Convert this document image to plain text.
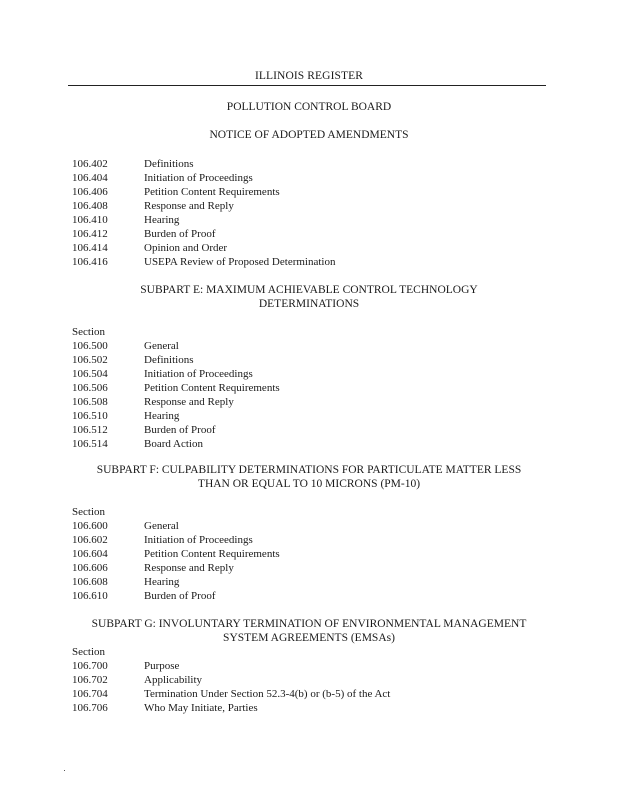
ILLINOIS REGISTER
POLLUTION CONTROL BOARD
NOTICE OF ADOPTED AMENDMENTS
106.402	Definitions
106.404	Initiation of Proceedings
106.406	Petition Content Requirements
106.408	Response and Reply
106.410	Hearing
106.412	Burden of Proof
106.414	Opinion and Order
106.416	USEPA Review of Proposed Determination
SUBPART E: MAXIMUM ACHIEVABLE CONTROL TECHNOLOGY
DETERMINATIONS
Section
106.500	General
106.502	Definitions
106.504	Initiation of Proceedings
106.506	Petition Content Requirements
106.508	Response and Reply
106.510	Hearing
106.512	Burden of Proof
106.514	Board Action
SUBPART F: CULPABILITY DETERMINATIONS FOR PARTICULATE MATTER LESS
THAN OR EQUAL TO 10 MICRONS (PM-10)
Section
106.600	General
106.602	Initiation of Proceedings
106.604	Petition Content Requirements
106.606	Response and Reply
106.608	Hearing
106.610	Burden of Proof
SUBPART G: INVOLUNTARY TERMINATION OF ENVIRONMENTAL MANAGEMENT
SYSTEM AGREEMENTS (EMSAs)
Section
106.700	Purpose
106.702	Applicability
106.704	Termination Under Section 52.3-4(b) or (b-5) of the Act
106.706	Who May Initiate, Parties
